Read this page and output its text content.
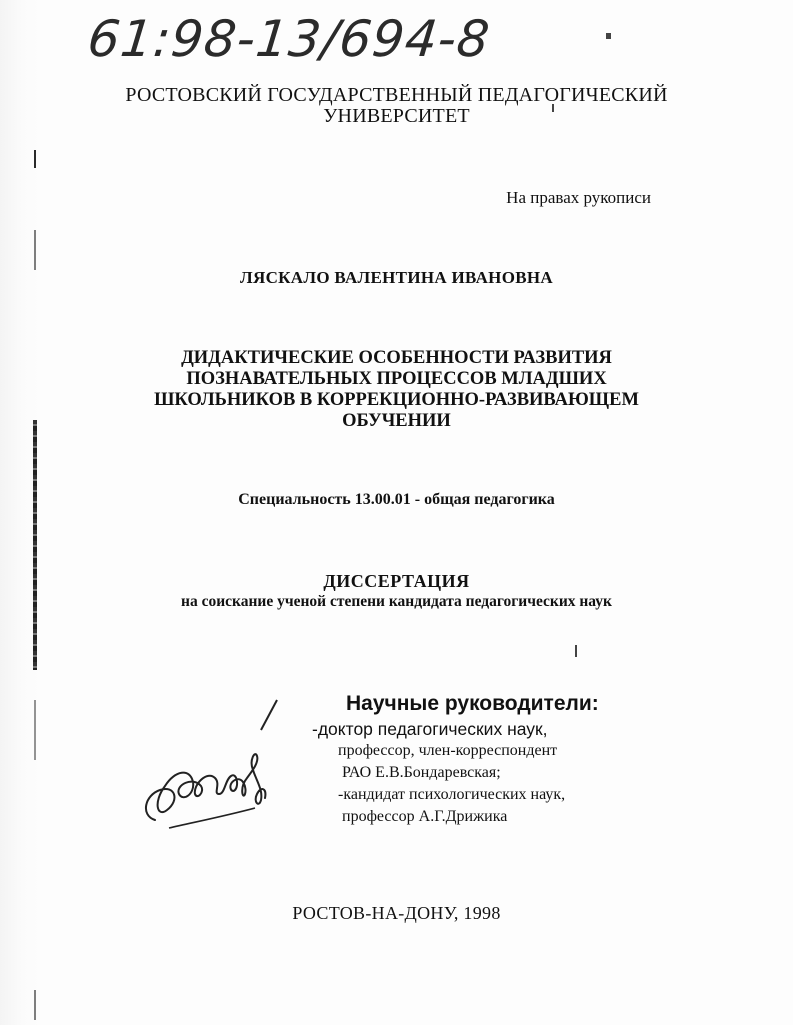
61:98-13/694-8
РОСТОВСКИЙ ГОСУДАРСТВЕННЫЙ ПЕДАГОГИЧЕСКИЙ
УНИВЕРСИТЕТ
На правах рукописи
ЛЯСКАЛО ВАЛЕНТИНА ИВАНОВНА
ДИДАКТИЧЕСКИЕ ОСОБЕННОСТИ РАЗВИТИЯ
ПОЗНАВАТЕЛЬНЫХ ПРОЦЕССОВ МЛАДШИХ
ШКОЛЬНИКОВ В КОРРЕКЦИОННО-РАЗВИВАЮЩЕМ
ОБУЧЕНИИ
Специальность 13.00.01 - общая педагогика
ДИССЕРТАЦИЯ
на соискание ученой степени кандидата педагогических наук
Научные руководители:
-доктор педагогических наук,
профессор, член-корреспондент
РАО Е.В.Бондаревская;
-кандидат психологических наук,
профессор А.Г.Дрижика
РОСТОВ-НА-ДОНУ, 1998
